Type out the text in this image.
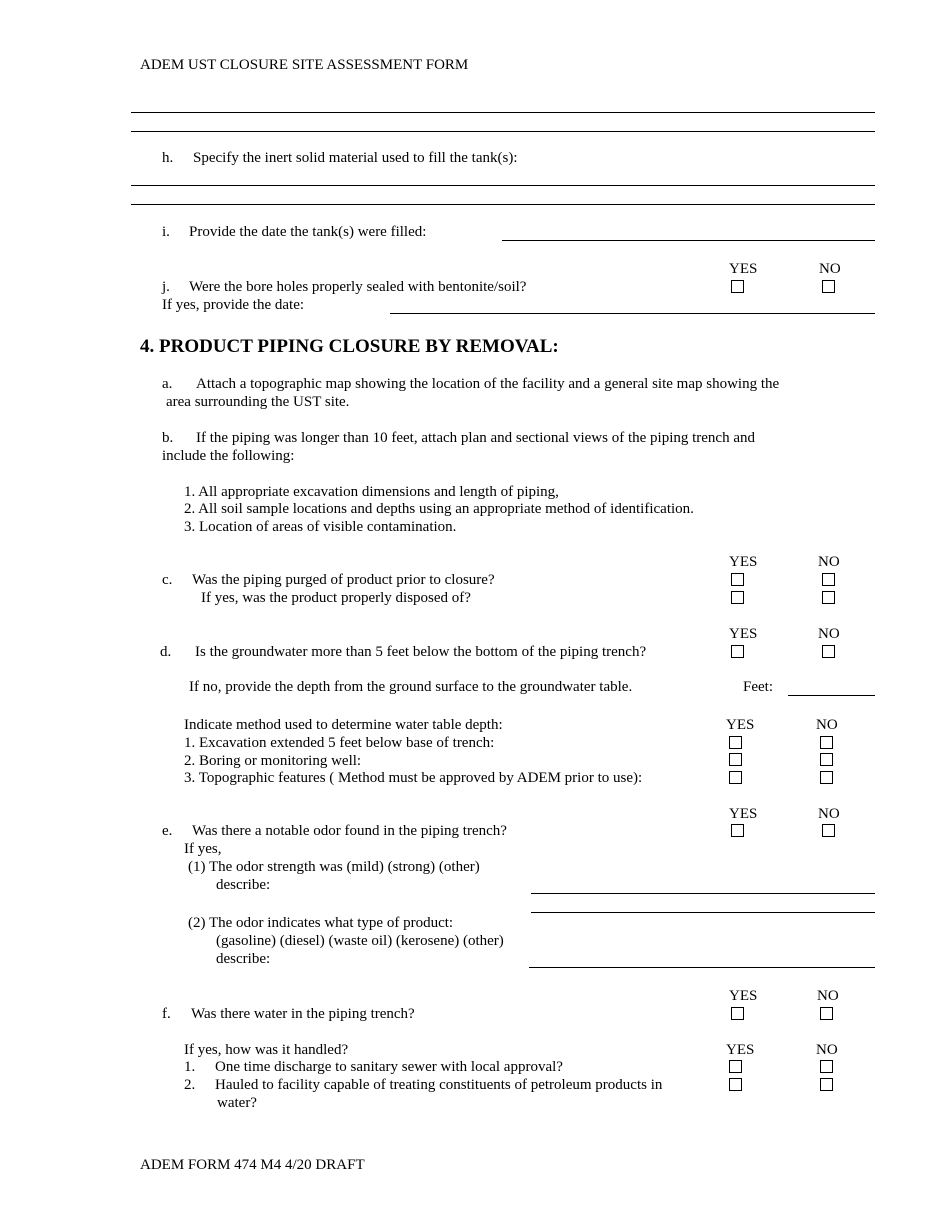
ADEM UST CLOSURE SITE ASSESSMENT FORM
h. Specify the inert solid material used to fill the tank(s):
i. Provide the date the tank(s) were filled:
YES	NO
j. Were the bore holes properly sealed with bentonite/soil?
If yes, provide the date:
4. PRODUCT PIPING CLOSURE BY REMOVAL:
a. Attach a topographic map showing the location of the facility and a general site map showing the
area surrounding the UST site.
b. If the piping was longer than 10 feet, attach plan and sectional views of the piping trench and
include the following:
1. All appropriate excavation dimensions and length of piping,
2. All soil sample locations and depths using an appropriate method of identification.
3. Location of areas of visible contamination.
YES	NO
c. Was the piping purged of product prior to closure?
If yes, was the product properly disposed of?
YES	NO
d. Is the groundwater more than 5 feet below the bottom of the piping trench?
If no, provide the depth from the ground surface to the groundwater table.	Feet:
YES	NO
Indicate method used to determine water table depth:
1. Excavation extended 5 feet below base of trench:
2. Boring or monitoring well:
3. Topographic features ( Method must be approved by ADEM prior to use):
YES	NO
e. Was there a notable odor found in the piping trench?
If yes,
(1) The odor strength was (mild) (strong) (other)
describe:
(2) The odor indicates what type of product:
(gasoline) (diesel) (waste oil) (kerosene) (other)
describe:
YES	NO
f. Was there water in the piping trench?
YES	NO
If yes, how was it handled?
1. One time discharge to sanitary sewer with local approval?
2. Hauled to facility capable of treating constituents of petroleum products in
water?
ADEM FORM 474 M4 4/20 DRAFT
